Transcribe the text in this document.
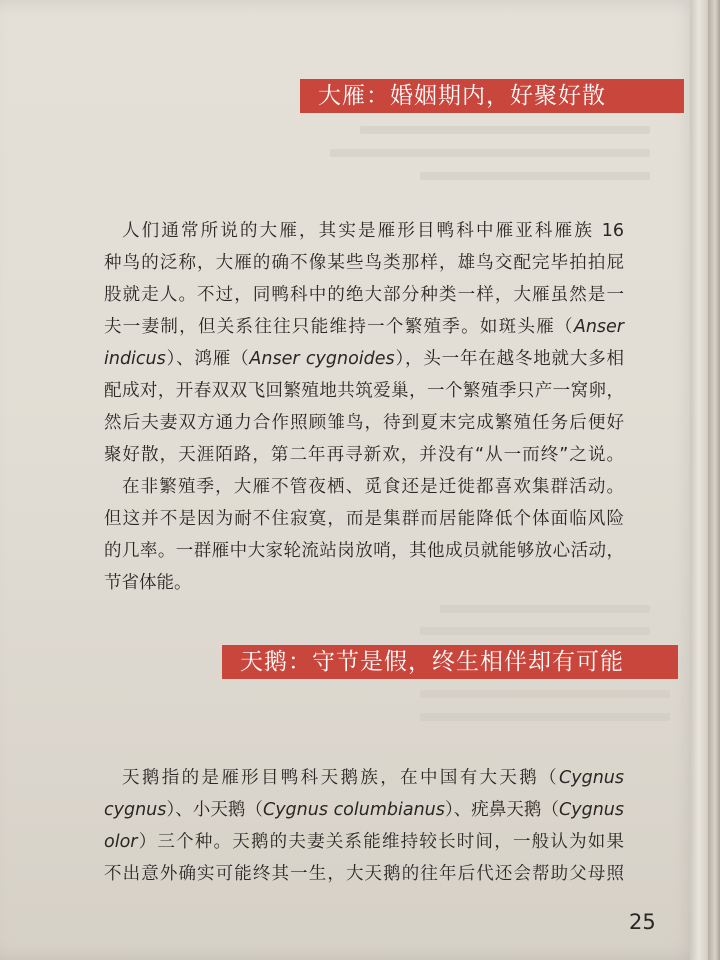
大雁：婚姻期内，好聚好散
人们通常所说的大雁，其实是雁形目鸭科中雁亚科雁族 16
种鸟的泛称，大雁的确不像某些鸟类那样，雄鸟交配完毕拍拍屁
股就走人。不过，同鸭科中的绝大部分种类一样，大雁虽然是一
夫一妻制，但关系往往只能维持一个繁殖季。如斑头雁（Anser
indicus）、鸿雁（Anser cygnoides），头一年在越冬地就大多相
配成对，开春双双飞回繁殖地共筑爱巢，一个繁殖季只产一窝卵，
然后夫妻双方通力合作照顾雏鸟，待到夏末完成繁殖任务后便好
聚好散，天涯陌路，第二年再寻新欢，并没有“从一而终”之说。
在非繁殖季，大雁不管夜栖、觅食还是迁徙都喜欢集群活动。
但这并不是因为耐不住寂寞，而是集群而居能降低个体面临风险
的几率。一群雁中大家轮流站岗放哨，其他成员就能够放心活动，
节省体能。
天鹅：守节是假，终生相伴却有可能
天鹅指的是雁形目鸭科天鹅族，在中国有大天鹅（Cygnus
cygnus）、小天鹅（Cygnus columbianus）、疣鼻天鹅（Cygnus
olor）三个种。天鹅的夫妻关系能维持较长时间，一般认为如果
不出意外确实可能终其一生，大天鹅的往年后代还会帮助父母照
25
